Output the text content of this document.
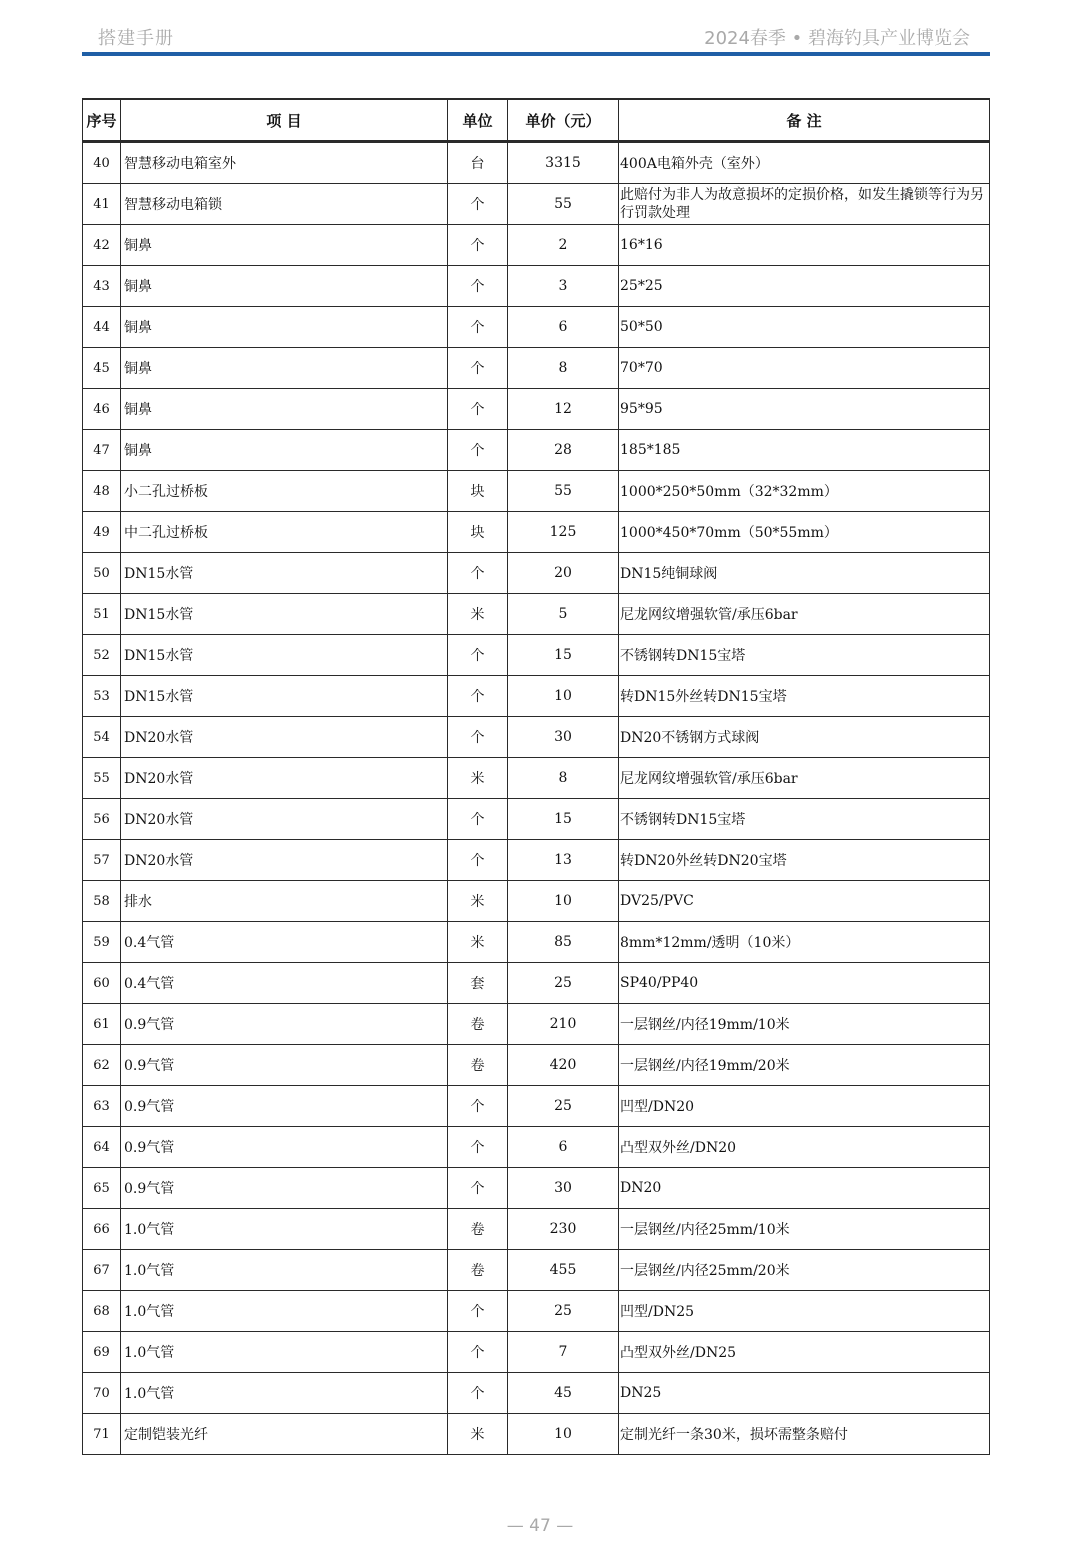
搭建手册	2024春季 • 碧海钓具产业博览会
序号	项 目	单位	单价（元）	备 注
40	智慧移动电箱室外	台	3315	400A电箱外壳（室外）
41	智慧移动电箱锁	个	55	此赔付为非人为故意损坏的定损价格，如发生撬锁等行为另行罚款处理
42	铜鼻	个	2	16*16
43	铜鼻	个	3	25*25
44	铜鼻	个	6	50*50
45	铜鼻	个	8	70*70
46	铜鼻	个	12	95*95
47	铜鼻	个	28	185*185
48	小二孔过桥板	块	55	1000*250*50mm（32*32mm）
49	中二孔过桥板	块	125	1000*450*70mm（50*55mm）
50	DN15水管	个	20	DN15纯铜球阀
51	DN15水管	米	5	尼龙网纹增强软管/承压6bar
52	DN15水管	个	15	不锈钢转DN15宝塔
53	DN15水管	个	10	转DN15外丝转DN15宝塔
54	DN20水管	个	30	DN20不锈钢方式球阀
55	DN20水管	米	8	尼龙网纹增强软管/承压6bar
56	DN20水管	个	15	不锈钢转DN15宝塔
57	DN20水管	个	13	转DN20外丝转DN20宝塔
58	排水	米	10	DV25/PVC
59	0.4气管	米	85	8mm*12mm/透明（10米）
60	0.4气管	套	25	SP40/PP40
61	0.9气管	卷	210	一层钢丝/内径19mm/10米
62	0.9气管	卷	420	一层钢丝/内径19mm/20米
63	0.9气管	个	25	凹型/DN20
64	0.9气管	个	6	凸型双外丝/DN20
65	0.9气管	个	30	DN20
66	1.0气管	卷	230	一层钢丝/内径25mm/10米
67	1.0气管	卷	455	一层钢丝/内径25mm/20米
68	1.0气管	个	25	凹型/DN25
69	1.0气管	个	7	凸型双外丝/DN25
70	1.0气管	个	45	DN25
71	定制铠装光纤	米	10	定制光纤一条30米，损坏需整条赔付
— 47 —
